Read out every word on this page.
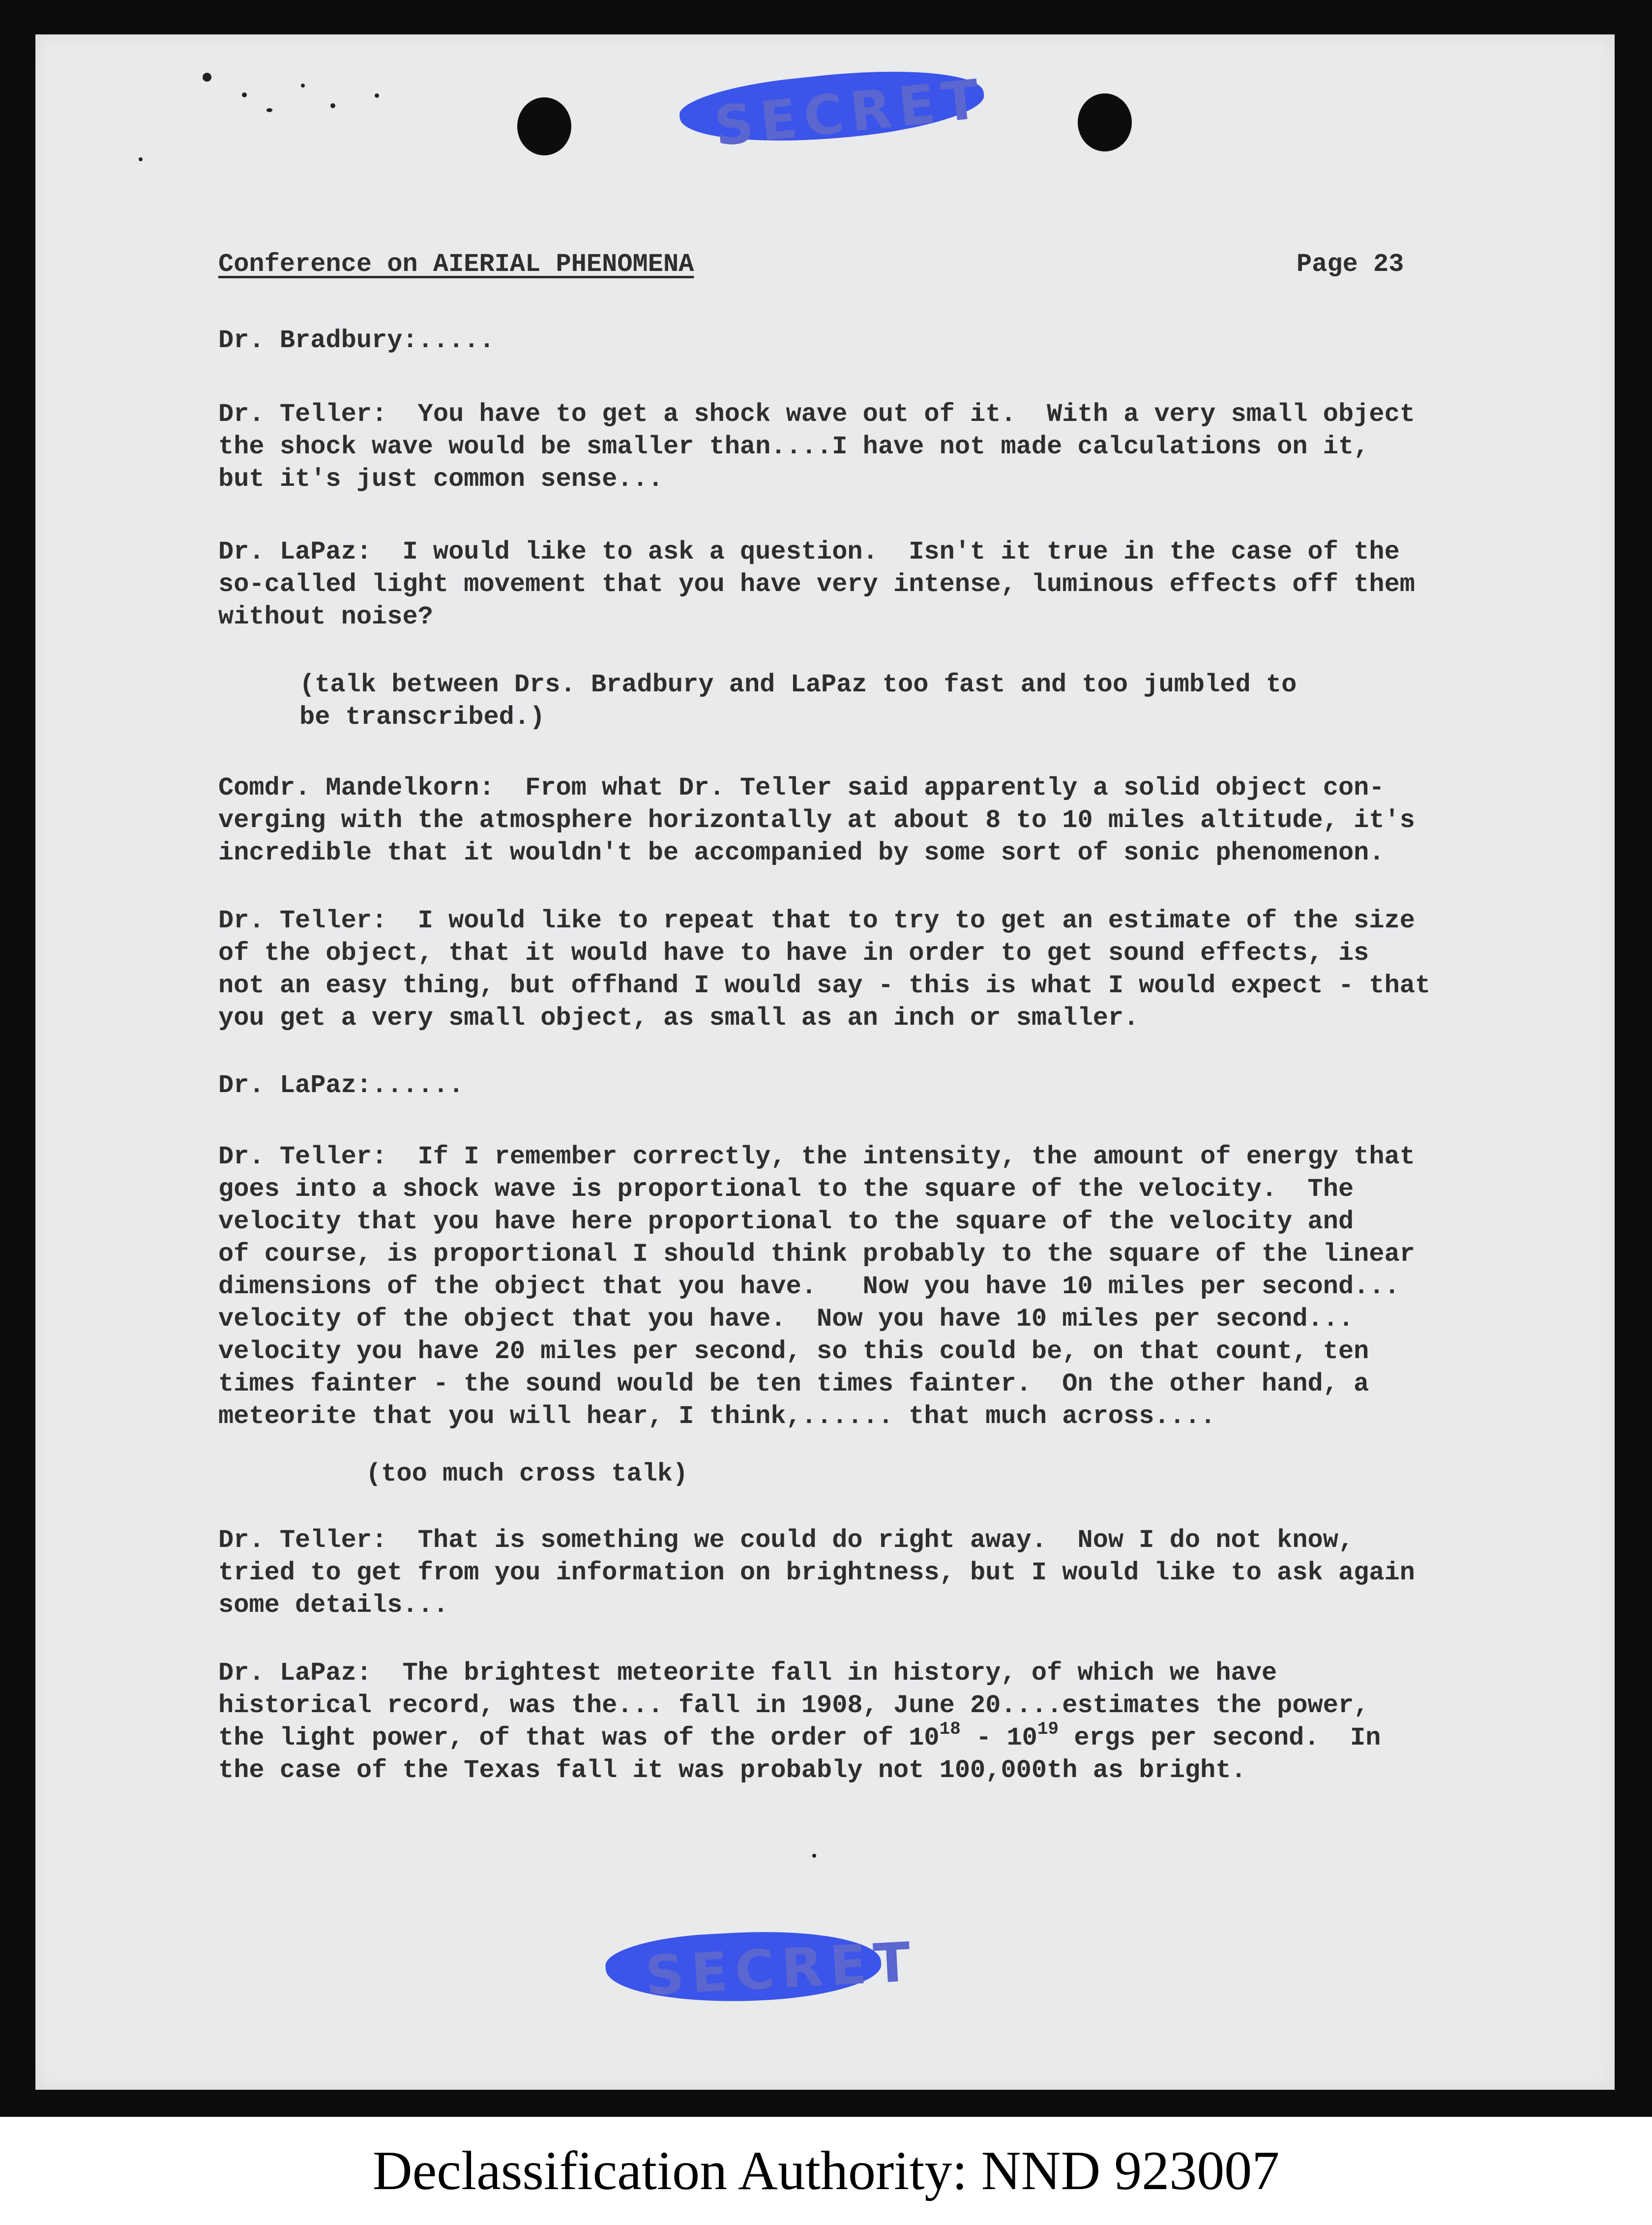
SECRET
Conference on AIERIAL PHENOMENA	Page 23
Dr. Bradbury:.....
Dr. Teller:  You have to get a shock wave out of it.  With a very small object
the shock wave would be smaller than....I have not made calculations on it,
but it's just common sense...
Dr. LaPaz:  I would like to ask a question.  Isn't it true in the case of the
so-called light movement that you have very intense, luminous effects off them
without noise?
(talk between Drs. Bradbury and LaPaz too fast and too jumbled to
be transcribed.)
Comdr. Mandelkorn:  From what Dr. Teller said apparently a solid object con-
verging with the atmosphere horizontally at about 8 to 10 miles altitude, it's
incredible that it wouldn't be accompanied by some sort of sonic phenomenon.
Dr. Teller:  I would like to repeat that to try to get an estimate of the size
of the object, that it would have to have in order to get sound effects, is
not an easy thing, but offhand I would say - this is what I would expect - that
you get a very small object, as small as an inch or smaller.
Dr. LaPaz:......
Dr. Teller:  If I remember correctly, the intensity, the amount of energy that
goes into a shock wave is proportional to the square of the velocity.  The
velocity that you have here proportional to the square of the velocity and
of course, is proportional I should think probably to the square of the linear
dimensions of the object that you have.   Now you have 10 miles per second...
velocity of the object that you have.  Now you have 10 miles per second...
velocity you have 20 miles per second, so this could be, on that count, ten
times fainter - the sound would be ten times fainter.  On the other hand, a
meteorite that you will hear, I think,...... that much across....
(too much cross talk)
Dr. Teller:  That is something we could do right away.  Now I do not know,
tried to get from you information on brightness, but I would like to ask again
some details...
Dr. LaPaz:  The brightest meteorite fall in history, of which we have
historical record, was the... fall in 1908, June 20....estimates the power,
the light power, of that was of the order of $10^{18} - 10^{19}$ ergs per second.  In
the case of the Texas fall it was probably not 100,000th as bright.
SECRET
Declassification Authority: NND 923007
